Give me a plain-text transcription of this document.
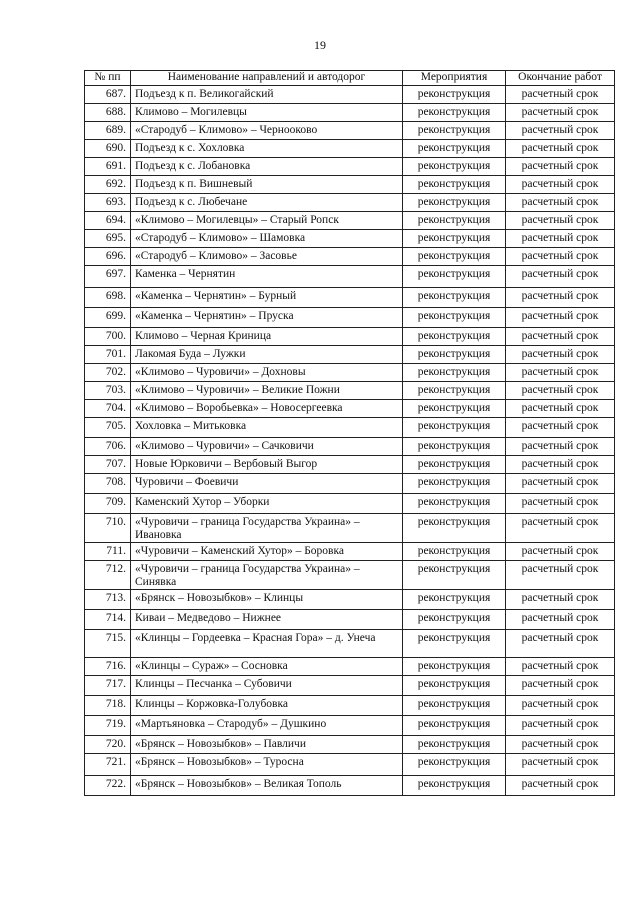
19
№ пп	Наименование направлений и автодорог	Мероприятия	Окончание работ
687.	Подъезд к п. Великогайский	реконструкция	расчетный срок
688.	Климово – Могилевцы	реконструкция	расчетный срок
689.	«Стародуб – Климово» – Чернооково	реконструкция	расчетный срок
690.	Подъезд к с. Хохловка	реконструкция	расчетный срок
691.	Подъезд к с. Лобановка	реконструкция	расчетный срок
692.	Подъезд к п. Вишневый	реконструкция	расчетный срок
693.	Подъезд к с. Любечане	реконструкция	расчетный срок
694.	«Климово – Могилевцы» – Старый Ропск	реконструкция	расчетный срок
695.	«Стародуб – Климово» – Шамовка	реконструкция	расчетный срок
696.	«Стародуб – Климово» – Засовье	реконструкция	расчетный срок
697.	Каменка – Чернятин	реконструкция	расчетный срок
698.	«Каменка – Чернятин» – Бурный	реконструкция	расчетный срок
699.	«Каменка – Чернятин» – Пруска	реконструкция	расчетный срок
700.	Климово – Черная Криница	реконструкция	расчетный срок
701.	Лакомая Буда – Лужки	реконструкция	расчетный срок
702.	«Климово – Чуровичи» – Дохновы	реконструкция	расчетный срок
703.	«Климово – Чуровичи» – Великие Пожни	реконструкция	расчетный срок
704.	«Климово – Воробьевка» – Новосергеевка	реконструкция	расчетный срок
705.	Хохловка – Митьковка	реконструкция	расчетный срок
706.	«Климово – Чуровичи» – Сачковичи	реконструкция	расчетный срок
707.	Новые Юрковичи – Вербовый Выгор	реконструкция	расчетный срок
708.	Чуровичи – Фоевичи	реконструкция	расчетный срок
709.	Каменский Хутор – Уборки	реконструкция	расчетный срок
710.	«Чуровичи – граница Государства Украина» – Ивановка	реконструкция	расчетный срок
711.	«Чуровичи – Каменский Хутор» – Боровка	реконструкция	расчетный срок
712.	«Чуровичи – граница Государства Украина» – Синявка	реконструкция	расчетный срок
713.	«Брянск – Новозыбков» – Клинцы	реконструкция	расчетный срок
714.	Киваи – Медведово – Нижнее	реконструкция	расчетный срок
715.	«Клинцы – Гордеевка – Красная Гора» – д. Унеча	реконструкция	расчетный срок
716.	«Клинцы – Сураж» – Сосновка	реконструкция	расчетный срок
717.	Клинцы – Песчанка – Субовичи	реконструкция	расчетный срок
718.	Клинцы – Коржовка-Голубовка	реконструкция	расчетный срок
719.	«Мартьяновка – Стародуб» – Душкино	реконструкция	расчетный срок
720.	«Брянск – Новозыбков» – Павличи	реконструкция	расчетный срок
721.	«Брянск – Новозыбков» – Туросна	реконструкция	расчетный срок
722.	«Брянск – Новозыбков» – Великая Тополь	реконструкция	расчетный срок
